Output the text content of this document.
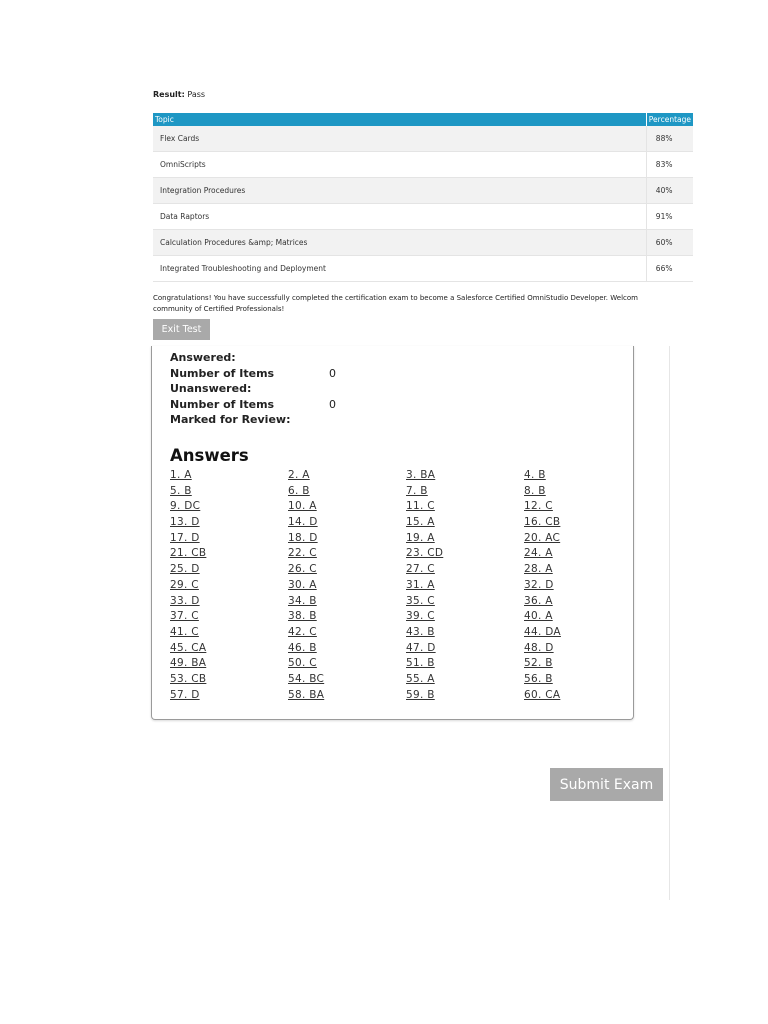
Result: Pass
Topic	Percentage
Flex Cards	88%
OmniScripts	83%
Integration Procedures	40%
Data Raptors	91%
Calculation Procedures &amp; Matrices	60%
Integrated Troubleshooting and Deployment	66%
Congratulations! You have successfully completed the certification exam to become a Salesforce Certified OmniStudio Developer. Welcom
community of Certified Professionals!
Exit Test
Answered:
Number of Items	0
Unanswered:
Number of Items	0
Marked for Review:
Answers
1. A	2. A	3. BA	4. B
5. B	6. B	7. B	8. B
9. DC	10. A	11. C	12. C
13. D	14. D	15. A	16. CB
17. D	18. D	19. A	20. AC
21. CB	22. C	23. CD	24. A
25. D	26. C	27. C	28. A
29. C	30. A	31. A	32. D
33. D	34. B	35. C	36. A
37. C	38. B	39. C	40. A
41. C	42. C	43. B	44. DA
45. CA	46. B	47. D	48. D
49. BA	50. C	51. B	52. B
53. CB	54. BC	55. A	56. B
57. D	58. BA	59. B	60. CA
Submit Exam
